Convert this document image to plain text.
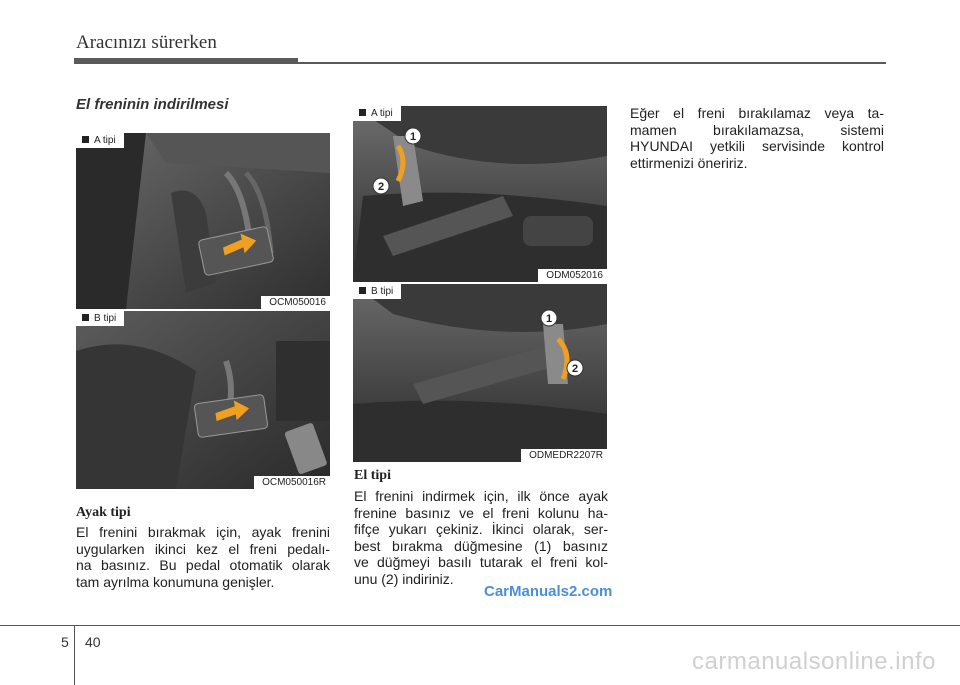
Aracınızı sürerken
El freninin indirilmesi
A tipi
OCM050016
B tipi
OCM050016R
1
2
A tipi
ODM052016
1
2
B tipi
ODMEDR2207R
Ayak tipi
El frenini bırakmak için, ayak frenini
uygularken ikinci kez el freni pedalı-
na basınız. Bu pedal otomatik olarak
tam ayrılma konumuna genişler.
El tipi
El frenini indirmek için, ilk önce ayak
frenine basınız ve el freni kolunu ha-
fifçe yukarı çekiniz. İkinci olarak, ser-
best bırakma düğmesine (1) basınız
ve düğmeyi basılı tutarak el freni kol-
unu (2) indiriniz.
Eğer el freni bırakılamaz veya ta-
mamen bırakılamazsa, sistemi
HYUNDAI yetkili servisinde kontrol
ettirmenizi öneririz.
CarManuals2.com
5 40
carmanualsonline.info
